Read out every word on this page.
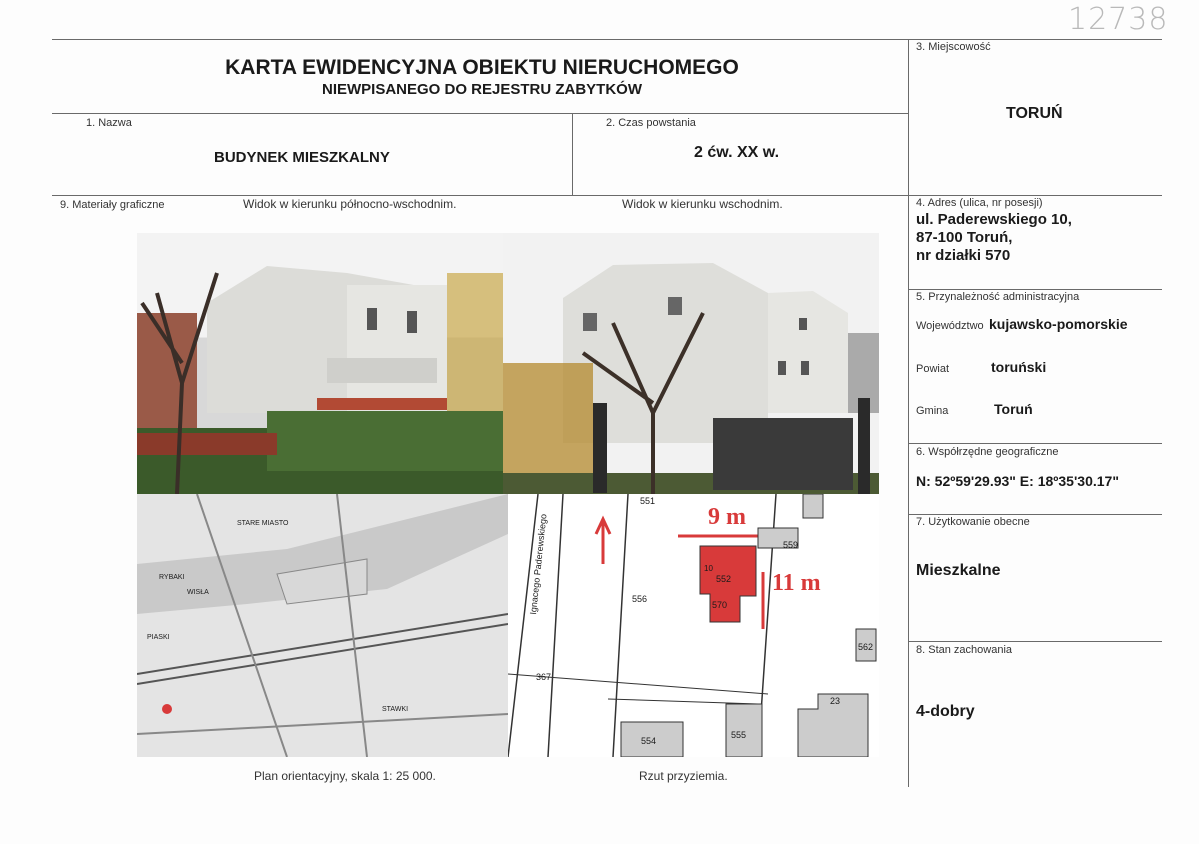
12738
KARTA EWIDENCYJNA OBIEKTU NIERUCHOMEGO
NIEWPISANEGO DO REJESTRU ZABYTKÓW
1. Nazwa
BUDYNEK MIESZKALNY
2. Czas powstania
2 ćw. XX w.
3. Miejscowość
TORUŃ
4. Adres (ulica, nr posesji)
ul. Paderewskiego 10,
87-100 Toruń,
nr działki 570
5. Przynależność administracyjna
Województwo kujawsko-pomorskie
Powiat	toruński
Gmina	Toruń
6. Współrzędne geograficzne
N: 52º59'29.93" E: 18º35'30.17"
7. Użytkowanie obecne
Mieszkalne
8. Stan zachowania
4-dobry
9. Materiały graficzne	Widok w kierunku północno-wschodnim.	Widok w kierunku wschodnim.
STARE MIASTO
WISŁA
PIASKI
RYBAKI
STAWKI
9 m
11 m
Ignacego Paderewskiego	552
570
10
551
556
559
562
554
555
23
367
Plan orientacyjny, skala 1: 25 000.	Rzut przyziemia.
